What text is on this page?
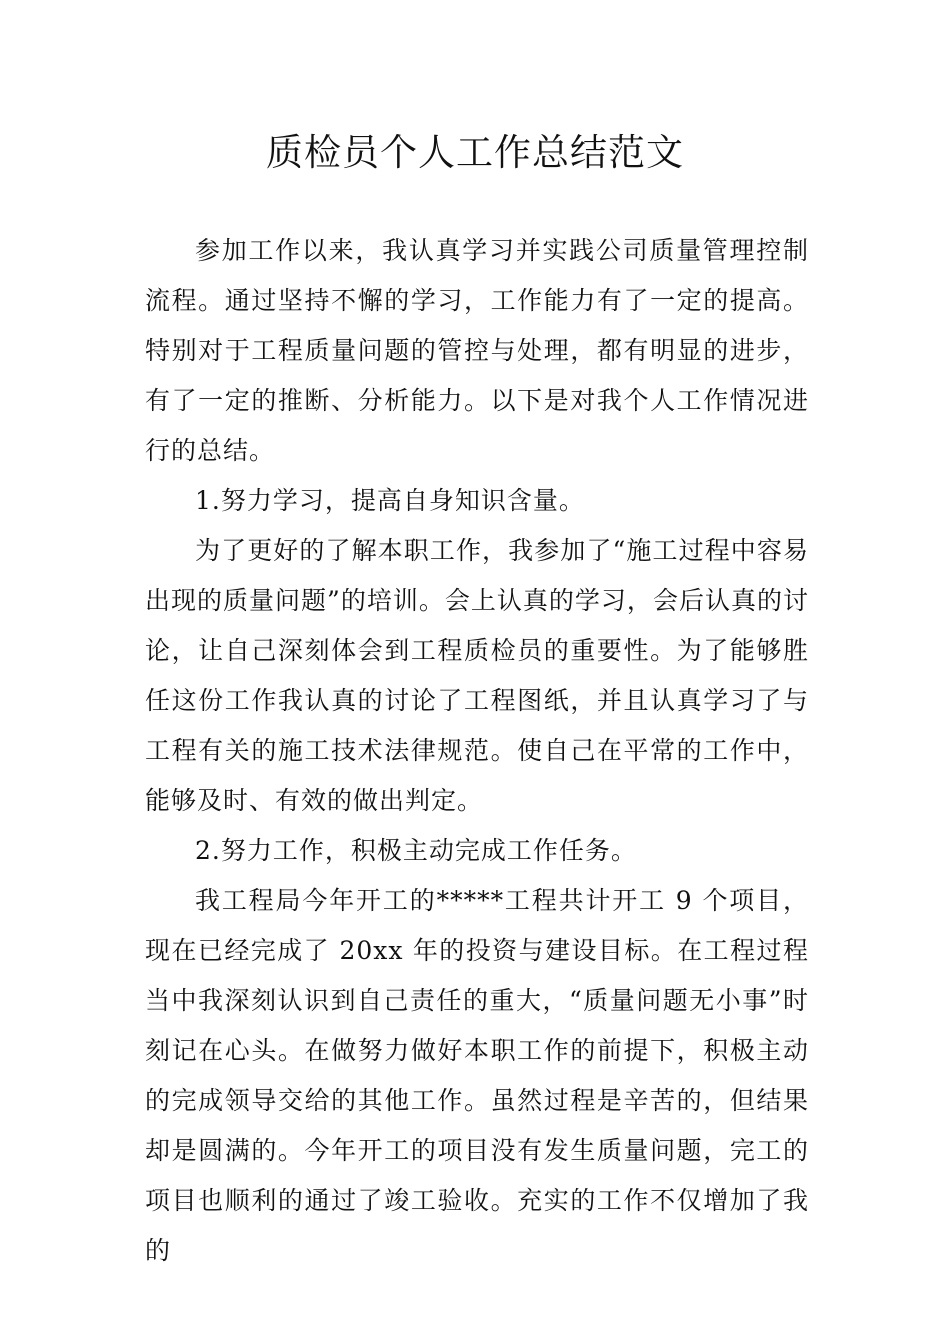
质检员个人工作总结范文

参加工作以来，我认真学习并实践公司质量管理控制流程。通过坚持不懈的学习，工作能力有了一定的提高。特别对于工程质量问题的管控与处理，都有明显的进步，有了一定的推断、分析能力。以下是对我个人工作情况进行的总结。

1.努力学习，提高自身知识含量。

为了更好的了解本职工作，我参加了“施工过程中容易出现的质量问题”的培训。会上认真的学习，会后认真的讨论，让自己深刻体会到工程质检员的重要性。为了能够胜任这份工作我认真的讨论了工程图纸，并且认真学习了与工程有关的施工技术法律规范。使自己在平常的工作中，能够及时、有效的做出判定。

2.努力工作，积极主动完成工作任务。

我工程局今年开工的*****工程共计开工 9 个项目，现在已经完成了 20xx 年的投资与建设目标。在工程过程当中我深刻认识到自己责任的重大，“质量问题无小事”时刻记在心头。在做努力做好本职工作的前提下，积极主动的完成领导交给的其他工作。虽然过程是辛苦的，但结果却是圆满的。今年开工的项目没有发生质量问题，完工的项目也顺利的通过了竣工验收。充实的工作不仅增加了我的
